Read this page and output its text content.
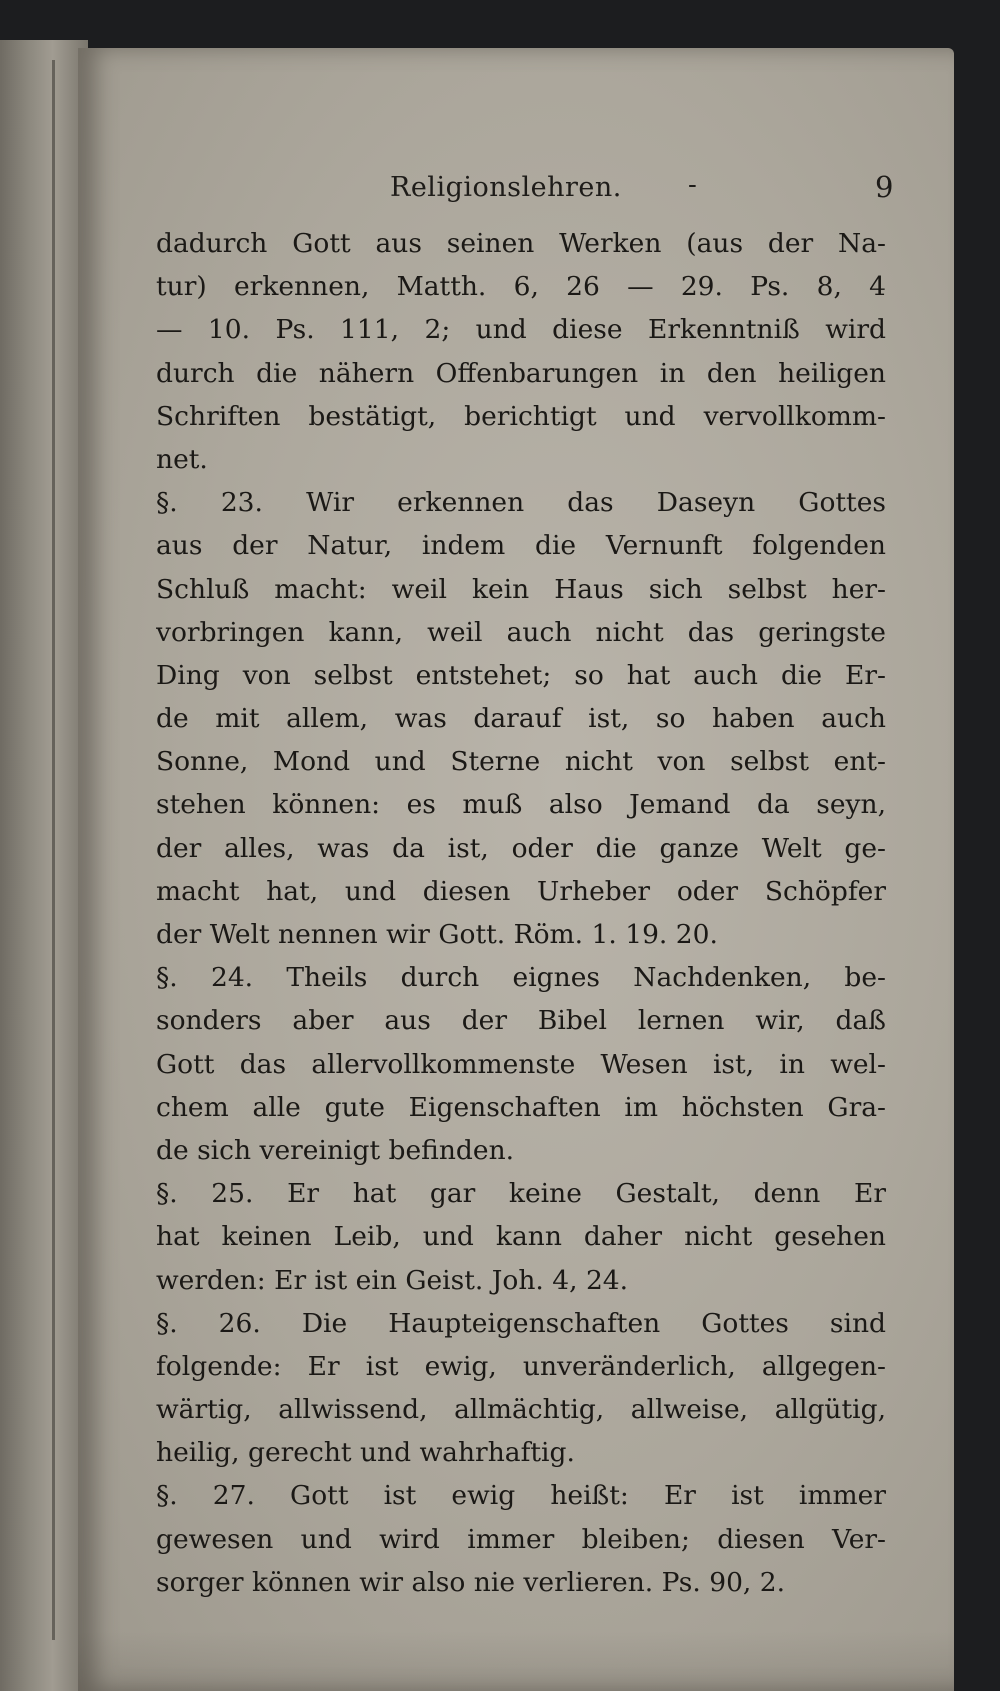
Religionslehren.	-	9
dadurch Gott aus seinen Werken (aus der Na-
tur) erkennen, Matth. 6, 26 — 29. Ps. 8, 4
— 10. Ps. 111, 2; und diese Erkenntniß wird
durch die nähern Offenbarungen in den heiligen
Schriften bestätigt, berichtigt und vervollkomm-
net.
§. 23. Wir erkennen das Daseyn Gottes
aus der Natur, indem die Vernunft folgenden
Schluß macht: weil kein Haus sich selbst her-
vorbringen kann, weil auch nicht das geringste
Ding von selbst entstehet; so hat auch die Er-
de mit allem, was darauf ist, so haben auch
Sonne, Mond und Sterne nicht von selbst ent-
stehen können: es muß also Jemand da seyn,
der alles, was da ist, oder die ganze Welt ge-
macht hat, und diesen Urheber oder Schöpfer
der Welt nennen wir Gott. Röm. 1. 19. 20.
§. 24. Theils durch eignes Nachdenken, be-
sonders aber aus der Bibel lernen wir, daß
Gott das allervollkommenste Wesen ist, in wel-
chem alle gute Eigenschaften im höchsten Gra-
de sich vereinigt befinden.
§. 25. Er hat gar keine Gestalt, denn Er
hat keinen Leib, und kann daher nicht gesehen
werden: Er ist ein Geist. Joh. 4, 24.
§. 26. Die Haupteigenschaften Gottes sind
folgende: Er ist ewig, unveränderlich, allgegen-
wärtig, allwissend, allmächtig, allweise, allgütig,
heilig, gerecht und wahrhaftig.
§. 27. Gott ist ewig heißt: Er ist immer
gewesen und wird immer bleiben; diesen Ver-
sorger können wir also nie verlieren. Ps. 90, 2.
